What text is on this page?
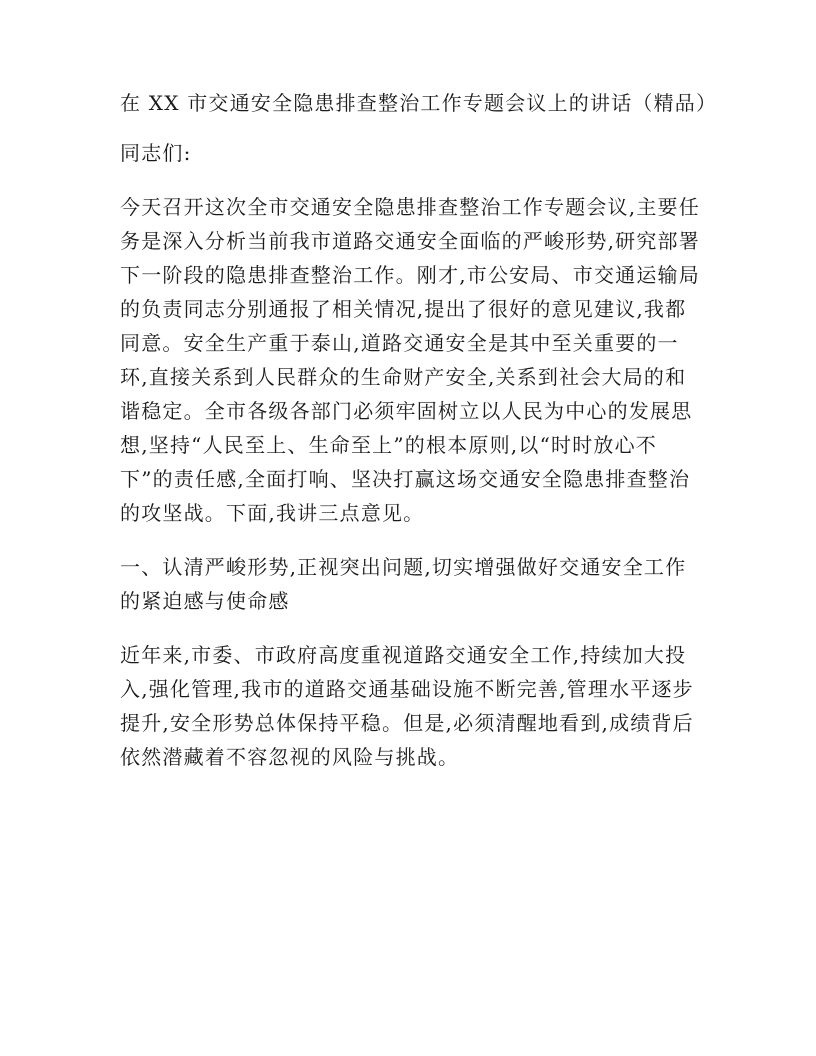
在 XX 市交通安全隐患排查整治工作专题会议上的讲话（精品）

同志们:

今天召开这次全市交通安全隐患排查整治工作专题会议,主要任务是深入分析当前我市道路交通安全面临的严峻形势,研究部署下一阶段的隐患排查整治工作。刚才,市公安局、市交通运输局的负责同志分别通报了相关情况,提出了很好的意见建议,我都同意。安全生产重于泰山,道路交通安全是其中至关重要的一环,直接关系到人民群众的生命财产安全,关系到社会大局的和谐稳定。全市各级各部门必须牢固树立以人民为中心的发展思想,坚持“人民至上、生命至上”的根本原则,以“时时放心不下”的责任感,全面打响、坚决打赢这场交通安全隐患排查整治的攻坚战。下面,我讲三点意见。

一、认清严峻形势,正视突出问题,切实增强做好交通安全工作的紧迫感与使命感

近年来,市委、市政府高度重视道路交通安全工作,持续加大投入,强化管理,我市的道路交通基础设施不断完善,管理水平逐步提升,安全形势总体保持平稳。但是,必须清醒地看到,成绩背后依然潜藏着不容忽视的风险与挑战。
